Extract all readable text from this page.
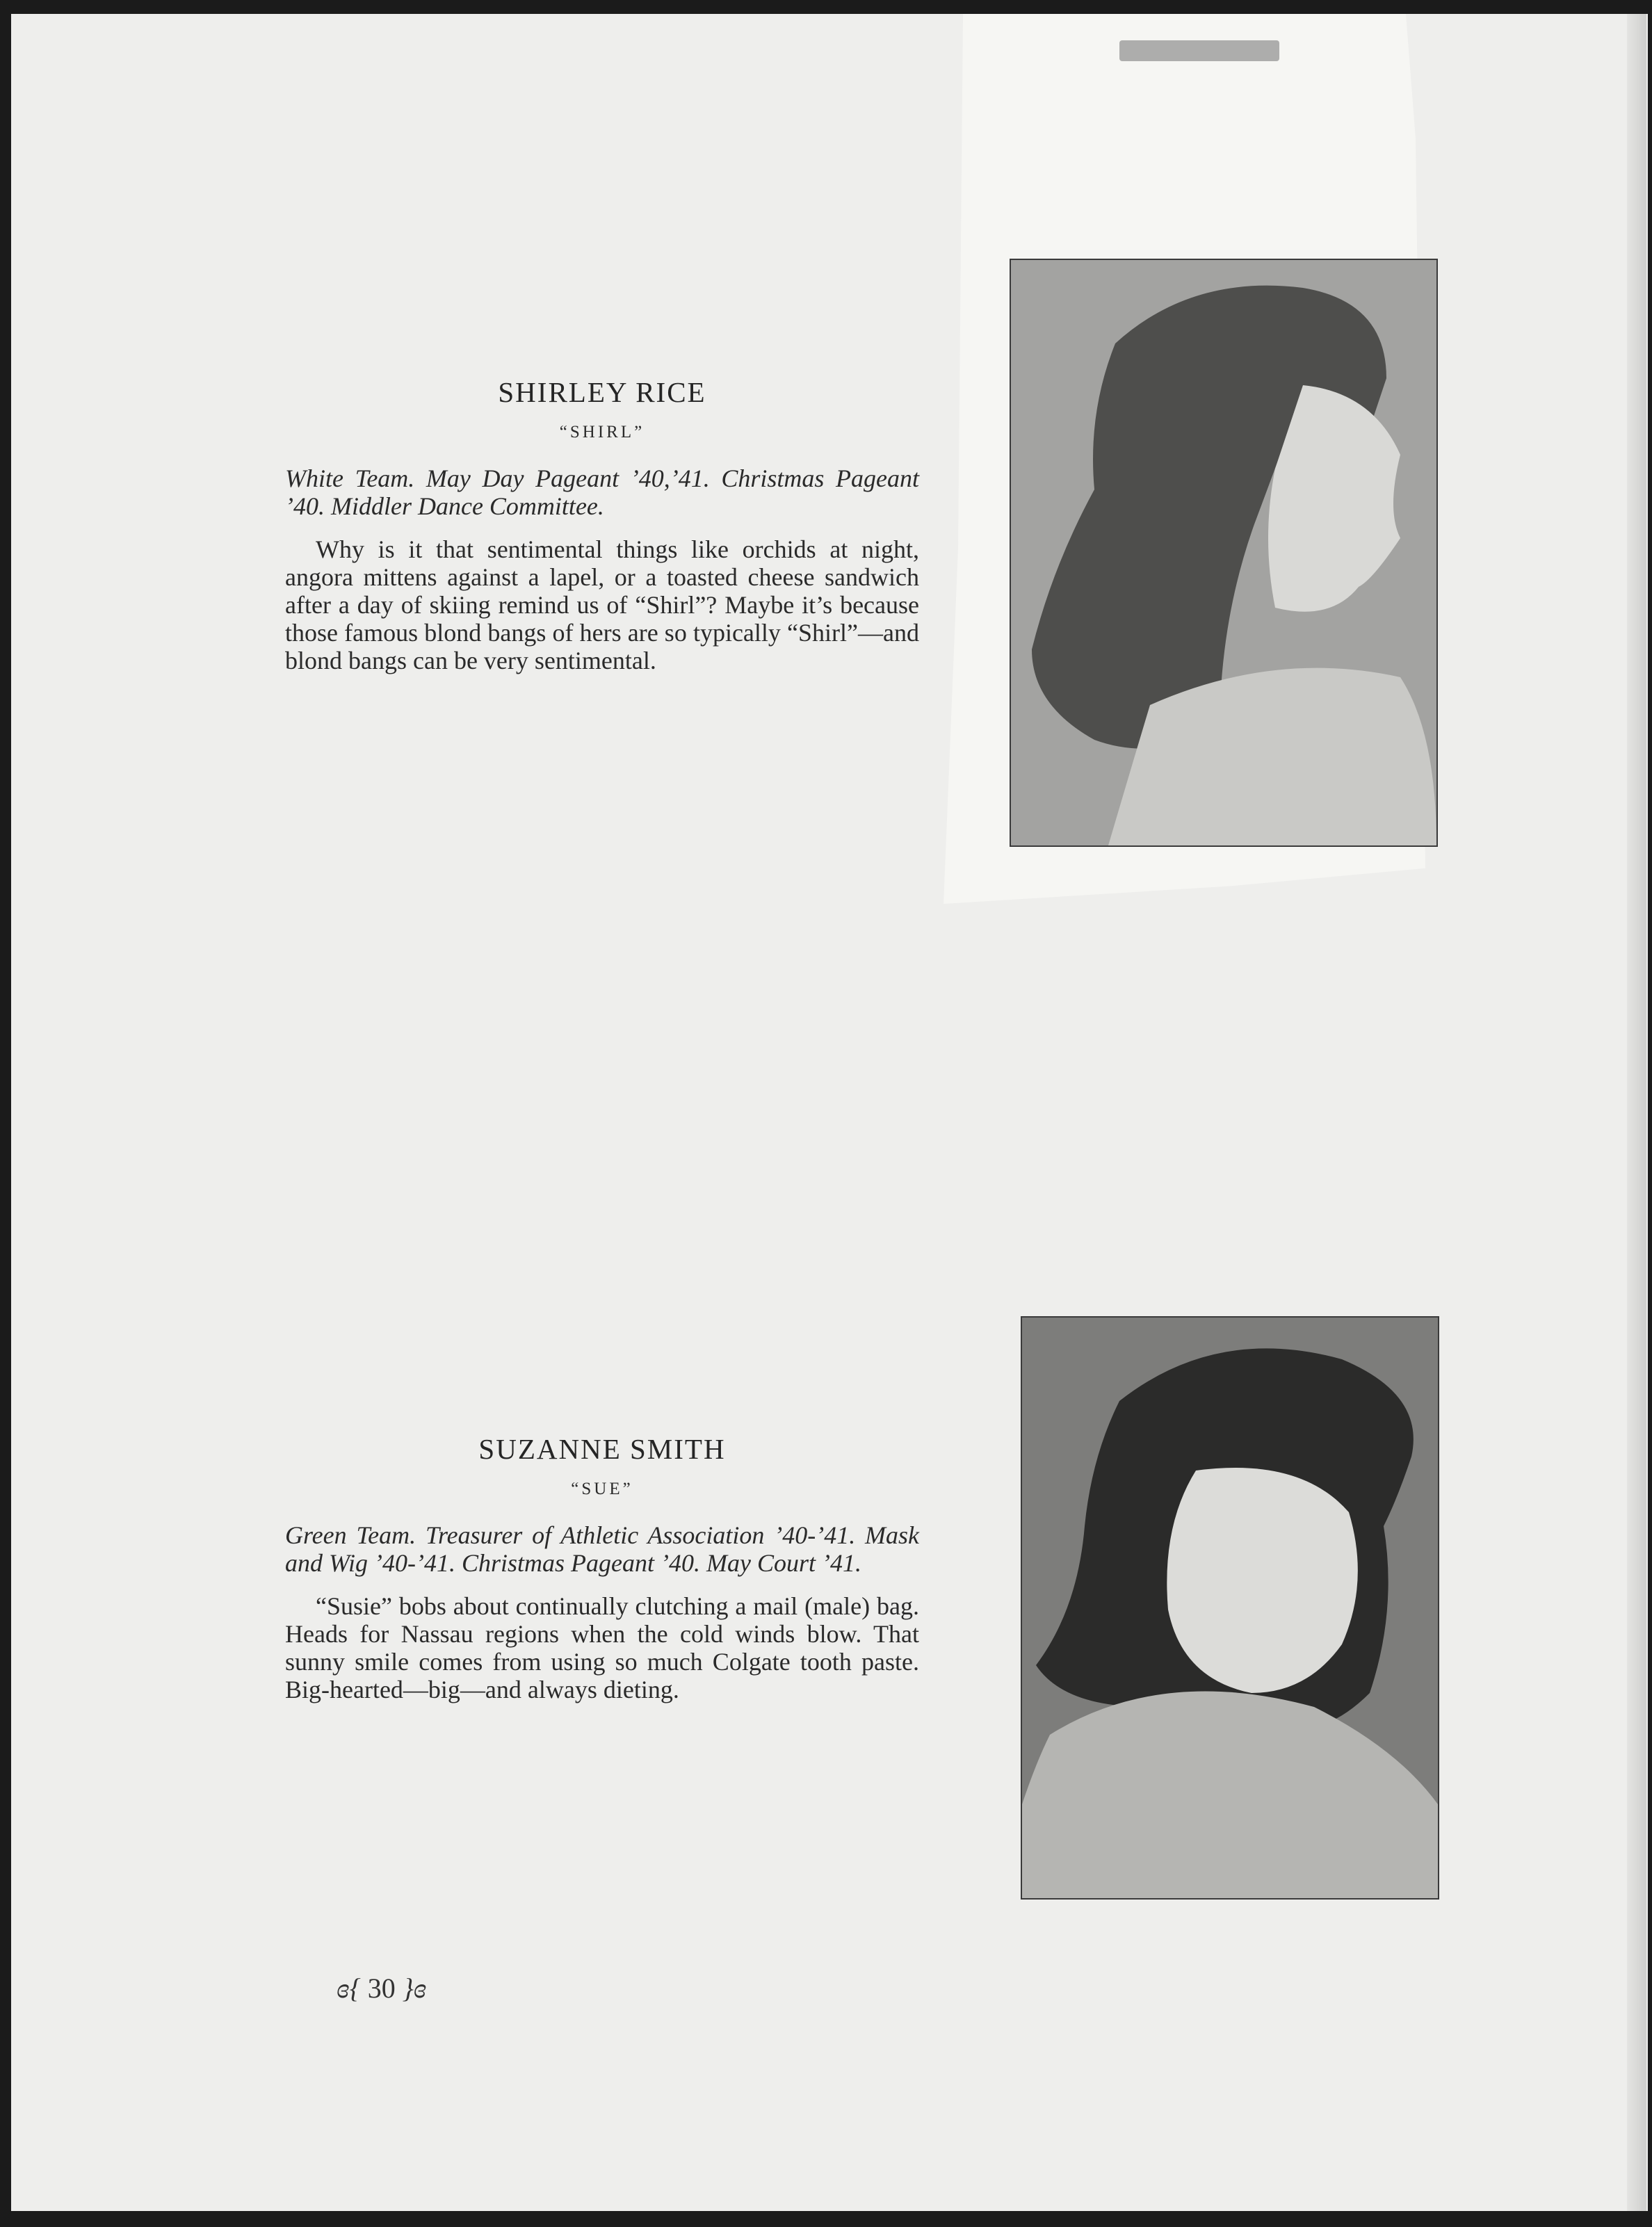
SHIRLEY RICE

“SHIRL”

White Team. May Day Pageant ’40,’41. Christmas Pageant ’40. Middler Dance Committee.

Why is it that sentimental things like orchids at night, angora mittens against a lapel, or a toasted cheese sandwich after a day of skiing remind us of “Shirl”? Maybe it’s because those famous blond bangs of hers are so typically “Shirl”—and blond bangs can be very sentimental.

SUZANNE SMITH

“SUE”

Green Team. Treasurer of Athletic Association ’40-’41. Mask and Wig ’40-’41. Christmas Pageant ’40. May Court ’41.

“Susie” bobs about continually clutching a mail (male) bag. Heads for Nassau regions when the cold winds blow. That sunny smile comes from using so much Colgate tooth paste. Big-hearted—big—and always dieting.

ɞ{ 30 }ɞ
